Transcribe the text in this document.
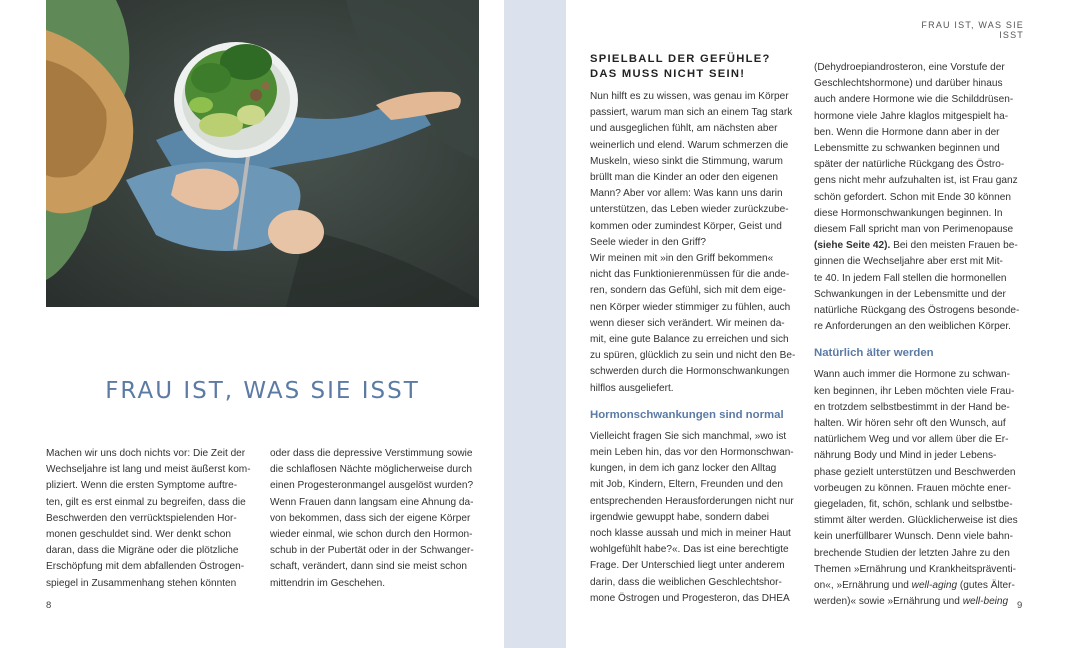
FRAU IST, WAS SIE ISST

Machen wir uns doch nichts vor: Die Zeit der
Wechseljahre ist lang und meist äußerst kom-
pliziert. Wenn die ersten Symptome auftre-
ten, gilt es erst einmal zu begreifen, dass die
Beschwerden den verrücktspielenden Hor-
monen geschuldet sind. Wer denkt schon
daran, dass die Migräne oder die plötzliche
Erschöpfung mit dem abfallenden Östrogen-
spiegel in Zusammenhang stehen könnten

oder dass die depressive Verstimmung sowie
die schlaflosen Nächte möglicherweise durch
einen Progesteronmangel ausgelöst wurden?
Wenn Frauen dann langsam eine Ahnung da-
von bekommen, dass sich der eigene Körper
wieder einmal, wie schon durch den Hormon-
schub in der Pubertät oder in der Schwanger-
schaft, verändert, dann sind sie meist schon
mittendrin im Geschehen.

8
FRAU IST, WAS SIE ISST
SPIELBALL DER GEFÜHLE?
DAS MUSS NICHT SEIN!

Nun hilft es zu wissen, was genau im Körper
passiert, warum man sich an einem Tag stark
und ausgeglichen fühlt, am nächsten aber
weinerlich und elend. Warum schmerzen die
Muskeln, wieso sinkt die Stimmung, warum
brüllt man die Kinder an oder den eigenen
Mann? Aber vor allem: Was kann uns darin
unterstützen, das Leben wieder zurückzube-
kommen oder zumindest Körper, Geist und
Seele wieder in den Griff?

Wir meinen mit »in den Griff bekommen«
nicht das Funktionierenmüssen für die ande-
ren, sondern das Gefühl, sich mit dem eige-
nen Körper wieder stimmiger zu fühlen, auch
wenn dieser sich verändert. Wir meinen da-
mit, eine gute Balance zu erreichen und sich
zu spüren, glücklich zu sein und nicht den Be-
schwerden durch die Hormonschwankungen
hilflos ausgeliefert.

Hormonschwankungen sind normal

Vielleicht fragen Sie sich manchmal, »wo ist
mein Leben hin, das vor den Hormonschwan-
kungen, in dem ich ganz locker den Alltag
mit Job, Kindern, Eltern, Freunden und den
entsprechenden Herausforderungen nicht nur
irgendwie gewuppt habe, sondern dabei
noch klasse aussah und mich in meiner Haut
wohlgefühlt habe?«. Das ist eine berechtigte
Frage. Der Unterschied liegt unter anderem
darin, dass die weiblichen Geschlechtshor-
mone Östrogen und Progesteron, das DHEA

(Dehydroepiandrosteron, eine Vorstufe der
Geschlechtshormone) und darüber hinaus
auch andere Hormone wie die Schilddrüsen-
hormone viele Jahre klaglos mitgespielt ha-
ben. Wenn die Hormone dann aber in der
Lebensmitte zu schwanken beginnen und
später der natürliche Rückgang des Östro-
gens nicht mehr aufzuhalten ist, ist Frau ganz
schön gefordert. Schon mit Ende 30 können
diese Hormonschwankungen beginnen. In
diesem Fall spricht man von Perimenopause
(siehe Seite 42). Bei den meisten Frauen be-
ginnen die Wechseljahre aber erst mit Mit-
te 40. In jedem Fall stellen die hormonellen
Schwankungen in der Lebensmitte und der
natürliche Rückgang des Östrogens besonde-
re Anforderungen an den weiblichen Körper.

Natürlich älter werden

Wann auch immer die Hormone zu schwan-
ken beginnen, ihr Leben möchten viele Frau-
en trotzdem selbstbestimmt in der Hand be-
halten. Wir hören sehr oft den Wunsch, auf
natürlichem Weg und vor allem über die Er-
nährung Body und Mind in jeder Lebens-
phase gezielt unterstützen und Beschwerden
vorbeugen zu können. Frauen möchte ener-
giegeladen, fit, schön, schlank und selbstbe-
stimmt älter werden. Glücklicherweise ist dies
kein unerfüllbarer Wunsch. Denn viele bahn-
brechende Studien der letzten Jahre zu den
Themen »Ernährung und Krankheitspräventi-
on«, »Ernährung und well-aging (gutes Älter-
werden)« sowie »Ernährung und well-being 9
